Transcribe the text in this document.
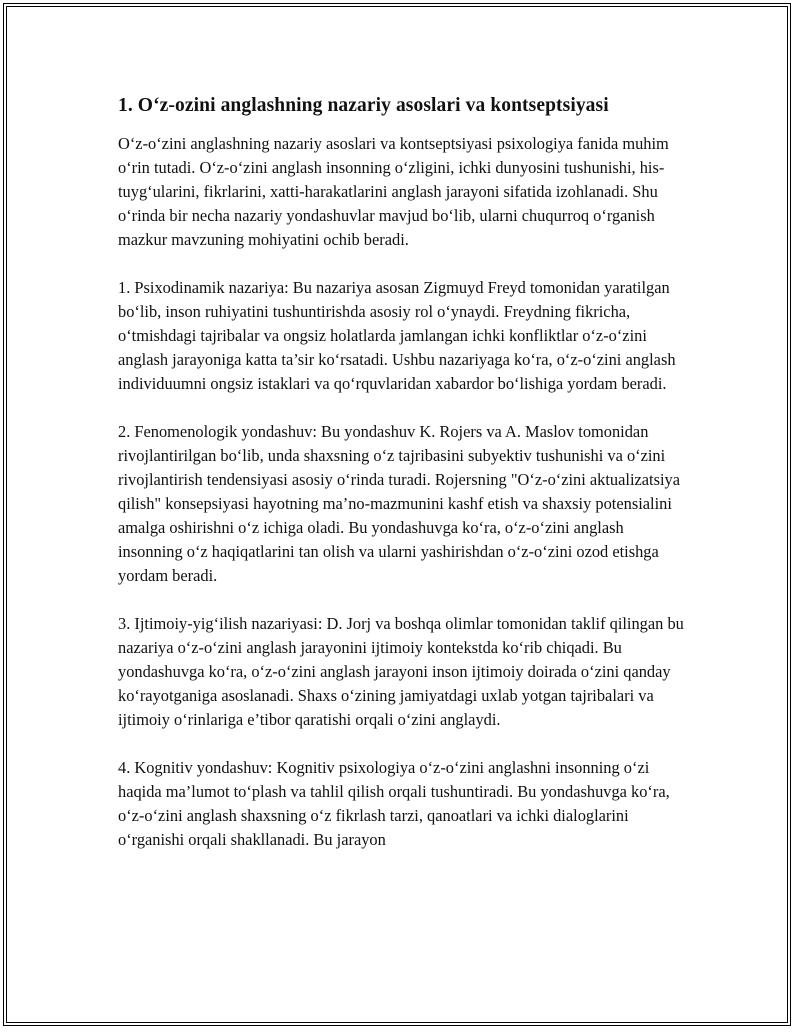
1. O‘z-ozini anglashning nazariy asoslari va kontseptsiyasi

O‘z-o‘zini anglashning nazariy asoslari va kontseptsiyasi psixologiya fanida muhim o‘rin tutadi. O‘z-o‘zini anglash insonning o‘zligini, ichki dunyosini tushunishi, his-tuyg‘ularini, fikrlarini, xatti-harakatlarini anglash jarayoni sifatida izohlanadi. Shu o‘rinda bir necha nazariy yondashuvlar mavjud bo‘lib, ularni chuqurroq o‘rganish mazkur mavzuning mohiyatini ochib beradi.

1. Psixodinamik nazariya: Bu nazariya asosan Zigmuyd Freyd tomonidan yaratilgan bo‘lib, inson ruhiyatini tushuntirishda asosiy rol o‘ynaydi. Freydning fikricha, o‘tmishdagi tajribalar va ongsiz holatlarda jamlangan ichki konfliktlar o‘z-o‘zini anglash jarayoniga katta ta’sir ko‘rsatadi. Ushbu nazariyaga ko‘ra, o‘z-o‘zini anglash individuumni ongsiz istaklari va qo‘rquvlaridan xabardor bo‘lishiga yordam beradi.

2. Fenomenologik yondashuv: Bu yondashuv K. Rojers va A. Maslov tomonidan rivojlantirilgan bo‘lib, unda shaxsning o‘z tajribasini subyektiv tushunishi va o‘zini rivojlantirish tendensiyasi asosiy o‘rinda turadi. Rojersning "O‘z-o‘zini aktualizatsiya qilish" konsepsiyasi hayotning ma’no-mazmunini kashf etish va shaxsiy potensialini amalga oshirishni o‘z ichiga oladi. Bu yondashuvga ko‘ra, o‘z-o‘zini anglash insonning o‘z haqiqatlarini tan olish va ularni yashirishdan o‘z-o‘zini ozod etishga yordam beradi.

3. Ijtimoiy-yig‘ilish nazariyasi: D. Jorj va boshqa olimlar tomonidan taklif qilingan bu nazariya o‘z-o‘zini anglash jarayonini ijtimoiy kontekstda ko‘rib chiqadi. Bu yondashuvga ko‘ra, o‘z-o‘zini anglash jarayoni inson ijtimoiy doirada o‘zini qanday ko‘rayotganiga asoslanadi. Shaxs o‘zining jamiyatdagi uxlab yotgan tajribalari va ijtimoiy o‘rinlariga e’tibor qaratishi orqali o‘zini anglaydi.

4. Kognitiv yondashuv: Kognitiv psixologiya o‘z-o‘zini anglashni insonning o‘zi haqida ma’lumot to‘plash va tahlil qilish orqali tushuntiradi. Bu yondashuvga ko‘ra, o‘z-o‘zini anglash shaxsning o‘z fikrlash tarzi, qanoatlari va ichki dialoglarini o‘rganishi orqali shakllanadi. Bu jarayon
